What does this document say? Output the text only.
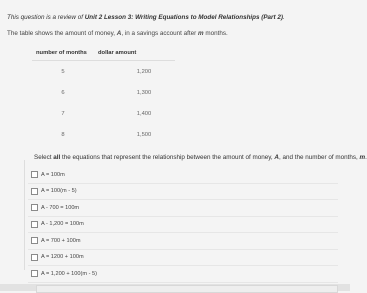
This question is a review of Unit 2 Lesson 3: Writing Equations to Model Relationships (Part 2).
The table shows the amount of money, A, in a savings account after m months.
number of months	dollar amount
5	1,200
6	1,300
7	1,400
8	1,500
Select all the equations that represent the relationship between the amount of money, A, and the number of months, m.
A = 100m
A = 100(m - 5)
A - 700 = 100m
A - 1,200 = 100m
A = 700 + 100m
A = 1200 + 100m
A = 1,200 + 100(m - 5)
